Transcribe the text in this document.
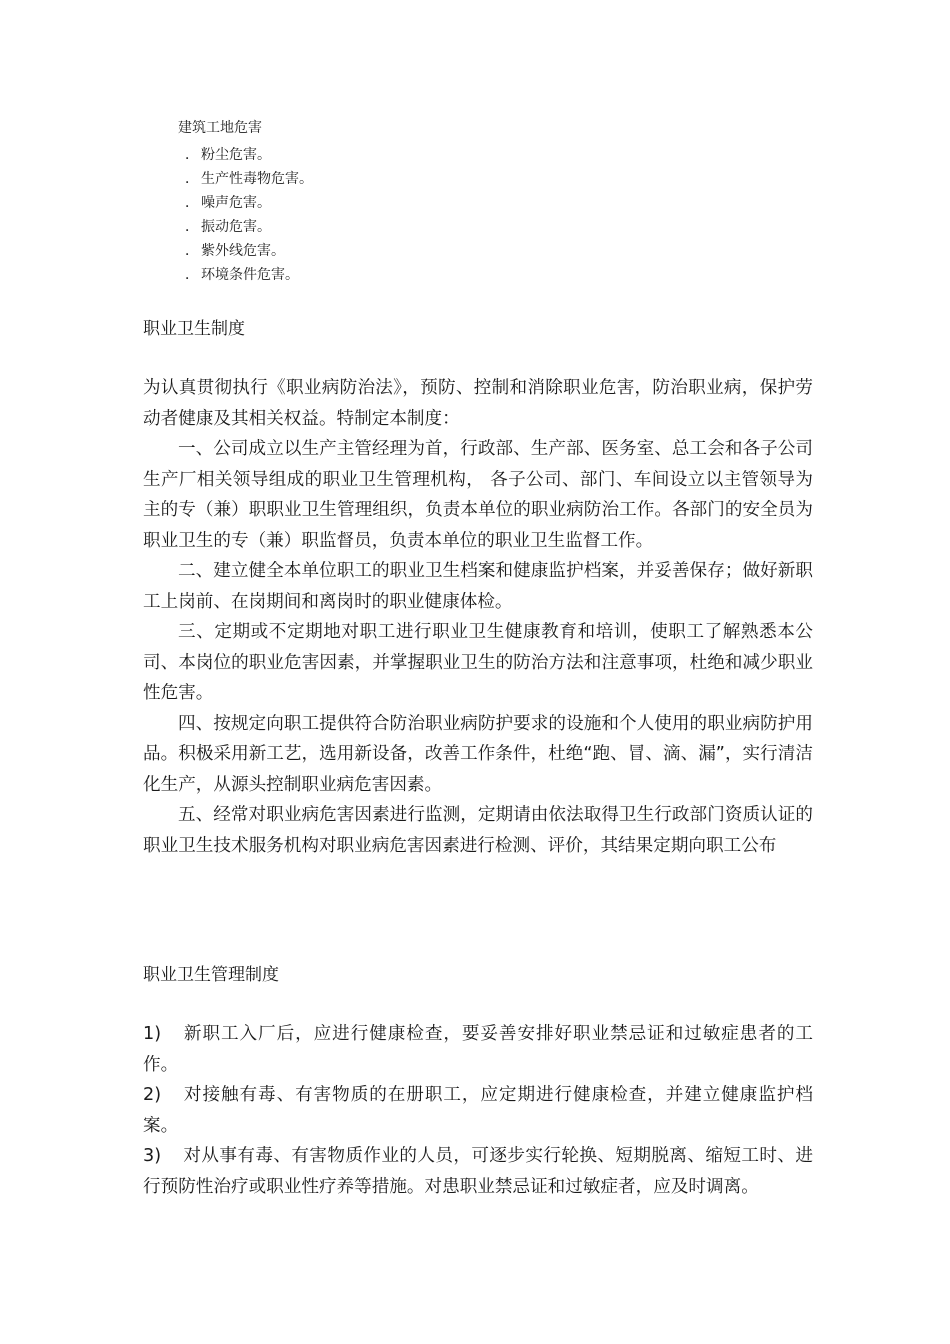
建筑工地危害
． 粉尘危害。
． 生产性毒物危害。
． 噪声危害。
． 振动危害。
． 紫外线危害。
． 环境条件危害。
职业卫生制度

为认真贯彻执行《职业病防治法》，预防、控制和消除职业危害，防治职业病，保护劳动者健康及其相关权益。特制定本制度：

一、公司成立以生产主管经理为首，行政部、生产部、医务室、总工会和各子公司生产厂相关领导组成的职业卫生管理机构， 各子公司、部门、车间设立以主管领导为主的专（兼）职职业卫生管理组织，负责本单位的职业病防治工作。各部门的安全员为职业卫生的专（兼）职监督员，负责本单位的职业卫生监督工作。

二、建立健全本单位职工的职业卫生档案和健康监护档案，并妥善保存；做好新职工上岗前、在岗期间和离岗时的职业健康体检。

三、定期或不定期地对职工进行职业卫生健康教育和培训，使职工了解熟悉本公司、本岗位的职业危害因素，并掌握职业卫生的防治方法和注意事项，杜绝和减少职业性危害。

四、按规定向职工提供符合防治职业病防护要求的设施和个人使用的职业病防护用品。积极采用新工艺，选用新设备，改善工作条件，杜绝“跑、冒、滴、漏”，实行清洁化生产，从源头控制职业病危害因素。

五、经常对职业病危害因素进行监测，定期请由依法取得卫生行政部门资质认证的职业卫生技术服务机构对职业病危害因素进行检测、评价，其结果定期向职工公布

职业卫生管理制度

1) 新职工入厂后，应进行健康检查，要妥善安排好职业禁忌证和过敏症患者的工作。

2) 对接触有毒、有害物质的在册职工，应定期进行健康检查，并建立健康监护档案。

3) 对从事有毒、有害物质作业的人员，可逐步实行轮换、短期脱离、缩短工时、进行预防性治疗或职业性疗养等措施。对患职业禁忌证和过敏症者，应及时调离。
